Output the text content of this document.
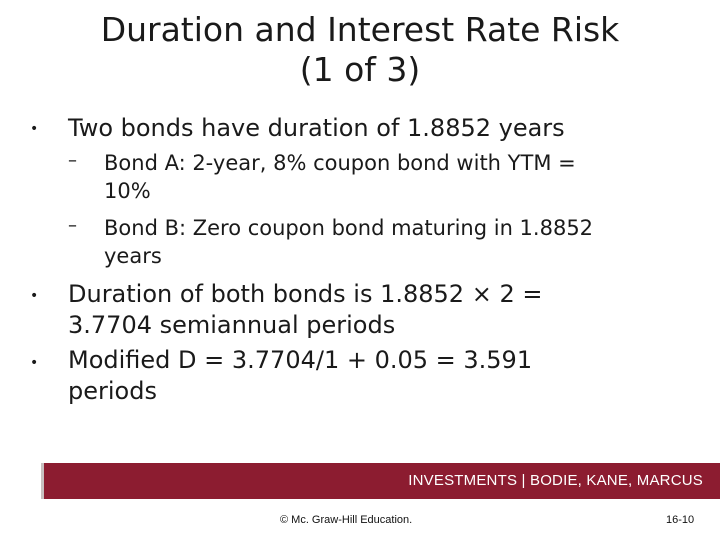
Duration and Interest Rate Risk
(1 of 3)
• Two bonds have duration of 1.8852 years
– Bond A: 2-year, 8% coupon bond with YTM =
10%
– Bond B: Zero coupon bond maturing in 1.8852
years
• Duration of both bonds is 1.8852 × 2 =
3.7704 semiannual periods
• Modified D = 3.7704/1 + 0.05 = 3.591
periods
INVESTMENTS | BODIE, KANE, MARCUS
© Mc. Graw-Hill Education.	16-10
